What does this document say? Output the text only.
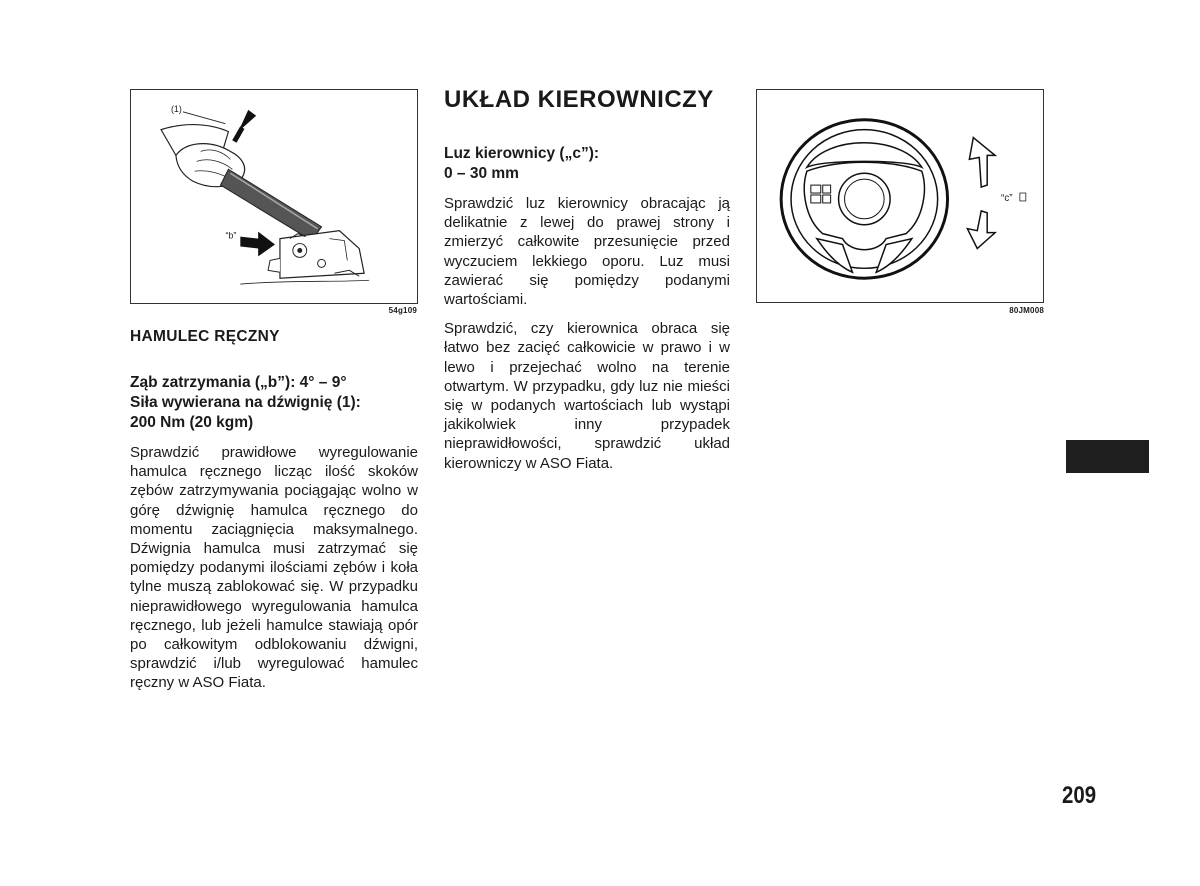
(1)
“b”
54g109
HAMULEC RĘCZNY
Ząb zatrzymania („b”): 4° – 9°
Siła wywierana na dźwignię (1):
200 Nm (20 kgm)

Sprawdzić prawidłowe wyregulowanie hamulca ręcznego licząc ilość skoków zębów zatrzymywania pociągając wolno w górę dźwignię hamulca ręcznego do momentu zaciągnięcia maksymalnego. Dźwignia hamulca musi zatrzymać się pomiędzy podanymi ilościami zębów i koła tylne muszą zablokować się. W przypadku nieprawidłowego wyregulowania hamulca ręcznego, lub jeżeli hamulce stawiają opór po całkowitym odblokowaniu dźwigni, sprawdzić i/lub wyregulować hamulec ręczny w ASO Fiata.

UKŁAD KIEROWNICZY
Luz kierownicy („c”):
0 – 30 mm

Sprawdzić luz kierownicy obracając ją delikatnie z lewej do prawej strony i zmierzyć całkowite przesunięcie przed wyczuciem lekkiego oporu. Luz musi zawierać się pomiędzy podanymi wartościami.

Sprawdzić, czy kierownica obraca się łatwo bez zacięć całkowicie w prawo i w lewo i przejechać wolno na terenie otwartym. W przypadku, gdy luz nie mieści się w podanych wartościach lub wystąpi jakikolwiek inny przypadek nieprawidłowości, sprawdzić układ kierowniczy w ASO Fiata.

“c”
80JM008
209
